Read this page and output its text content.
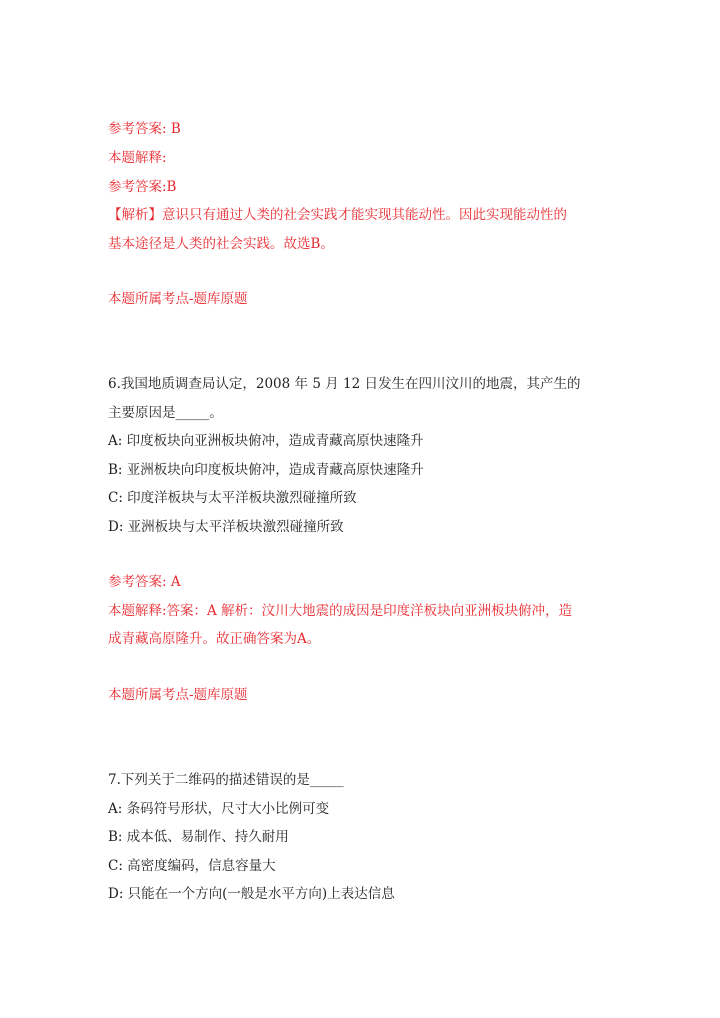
参考答案: B
本题解释:
参考答案:B
【解析】意识只有通过人类的社会实践才能实现其能动性。因此实现能动性的
基本途径是人类的社会实践。故选B。
本题所属考点-题库原题
6.我国地质调查局认定，2008 年 5 月 12 日发生在四川汶川的地震，其产生的
主要原因是_____。
A: 印度板块向亚洲板块俯冲，造成青藏高原快速隆升
B: 亚洲板块向印度板块俯冲，造成青藏高原快速隆升
C: 印度洋板块与太平洋板块激烈碰撞所致
D: 亚洲板块与太平洋板块激烈碰撞所致
参考答案: A
本题解释:答案：A 解析：汶川大地震的成因是印度洋板块向亚洲板块俯冲，造
成青藏高原隆升。故正确答案为A。
本题所属考点-题库原题
7.下列关于二维码的描述错误的是_____
A: 条码符号形状，尺寸大小比例可变
B: 成本低、易制作、持久耐用
C: 高密度编码，信息容量大
D: 只能在一个方向(一般是水平方向)上表达信息
